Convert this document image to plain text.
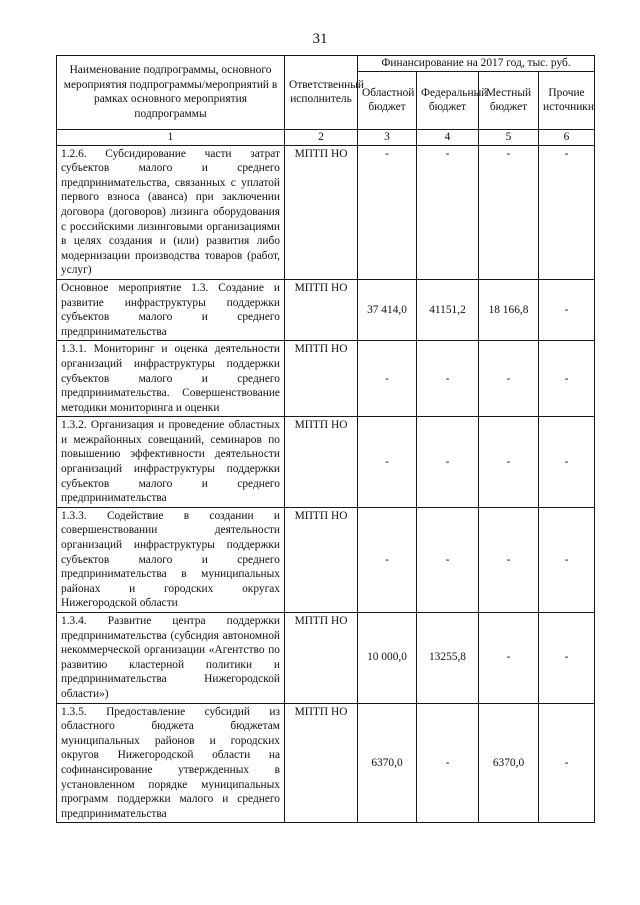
31
Наименование подпрограммы, основного мероприятия подпрограммы/мероприятий в рамках основного мероприятия подпрограммы	Ответственный исполнитель	Финансирование на 2017 год, тыс. руб.			
		Областной бюджет	Федеральный бюджет	Местный бюджет	Прочие источники
1	2	3	4	5	6
1.2.6. Субсидирование части затрат субъектов малого и среднего предпринимательства, связанных с уплатой первого взноса (аванса) при заключении договора (договоров) лизинга оборудования с российскими лизинговыми организациями в целях создания и (или) развития либо модернизации производства товаров (работ, услуг)	МПТП НО	-	-	-	-
Основное мероприятие 1.3. Создание и развитие инфраструктуры поддержки субъектов малого и среднего предпринимательства	МПТП НО	37 414,0	41151,2	18 166,8	-
1.3.1. Мониторинг и оценка деятельности организаций инфраструктуры поддержки субъектов малого и среднего предпринимательства. Совершенствование методики мониторинга и оценки	МПТП НО	-	-	-	-
1.3.2. Организация и проведение областных и межрайонных совещаний, семинаров по повышению эффективности деятельности организаций инфраструктуры поддержки субъектов малого и среднего предпринимательства	МПТП НО	-	-	-	-
1.3.3. Содействие в создании и совершенствовании деятельности организаций инфраструктуры поддержки субъектов малого и среднего предпринимательства в муниципальных районах и городских округах Нижегородской области	МПТП НО	-	-	-	-
1.3.4. Развитие центра поддержки предпринимательства (субсидия автономной некоммерческой организации «Агентство по развитию кластерной политики и предпринимательства Нижегородской области»)	МПТП НО	10 000,0	13255,8	-	-
1.3.5. Предоставление субсидий из областного бюджета бюджетам муниципальных районов и городских округов Нижегородской области на софинансирование утвержденных в установленном порядке муниципальных программ поддержки малого и среднего предпринимательства	МПТП НО	6370,0	-	6370,0	-
